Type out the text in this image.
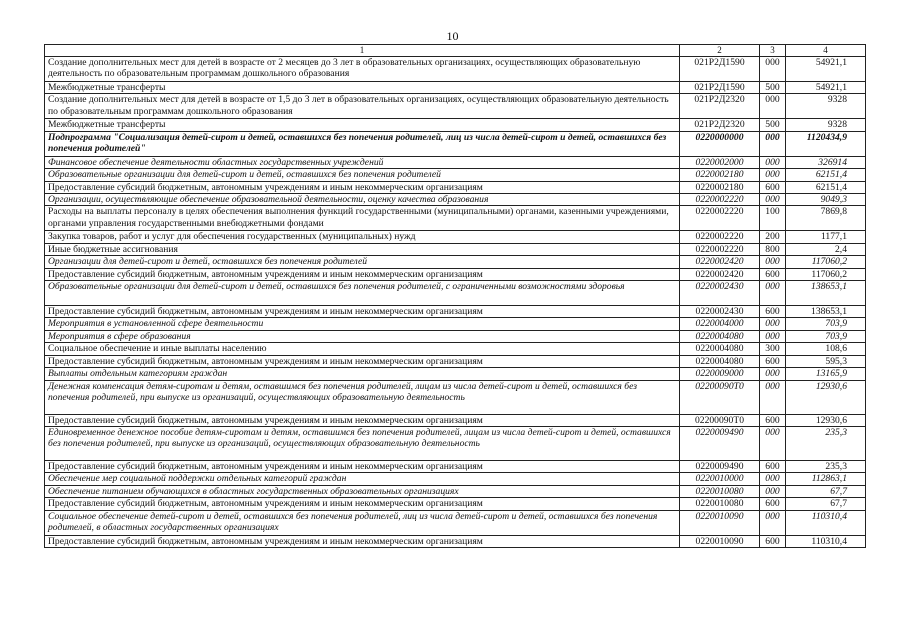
10
1	2	3	4
Создание дополнительных мест для детей в возрасте от 2 месяцев до 3 лет в образовательных организациях, осуществляющих образовательную деятельность по образовательным программам дошкольного образования	021Р2Д1590	000	54921,1
Межбюджетные трансферты	021Р2Д1590	500	54921,1
Создание дополнительных мест для детей в возрасте от 1,5 до 3 лет в образовательных организациях, осуществляющих образовательную деятельность по образовательным программам дошкольного образования	021Р2Д2320	000	9328
Межбюджетные трансферты	021Р2Д2320	500	9328
Подпрограмма "Социализация детей-сирот и детей, оставшихся без попечения родителей, лиц из числа детей-сирот и детей, оставшихся без попечения родителей"	0220000000	000	1120434,9
Финансовое обеспечение деятельности областных государственных учреждений	0220002000	000	326914
Образовательные организации для детей-сирот и детей, оставшихся без попечения родителей	0220002180	000	62151,4
Предоставление субсидий бюджетным, автономным учреждениям и иным некоммерческим организациям	0220002180	600	62151,4
Организации, осуществляющие обеспечение образовательной деятельности, оценку качества образования	0220002220	000	9049,3
Расходы на выплаты персоналу в целях обеспечения выполнения функций государственными (муниципальными) органами, казенными учреждениями, органами управления государственными внебюджетными фондами	0220002220	100	7869,8
Закупка товаров, работ и услуг для обеспечения государственных (муниципальных) нужд	0220002220	200	1177,1
Иные бюджетные ассигнования	0220002220	800	2,4
Организации для детей-сирот и детей, оставшихся без попечения родителей	0220002420	000	117060,2
Предоставление субсидий бюджетным, автономным учреждениям и иным некоммерческим организациям	0220002420	600	117060,2
Образовательные организации для детей-сирот и детей, оставшихся без попечения родителей, с ограниченными возможностями здоровья	0220002430	000	138653,1
Предоставление субсидий бюджетным, автономным учреждениям и иным некоммерческим организациям	0220002430	600	138653,1
Мероприятия в установленной сфере деятельности	0220004000	000	703,9
Мероприятия в сфере образования	0220004080	000	703,9
Социальное обеспечение и иные выплаты населению	0220004080	300	108,6
Предоставление субсидий бюджетным, автономным учреждениям и иным некоммерческим организациям	0220004080	600	595,3
Выплаты отдельным категориям граждан	0220009000	000	13165,9
Денежная компенсация детям-сиротам и детям, оставшимся без попечения родителей, лицам из числа детей-сирот и детей, оставшихся без попечения родителей, при выпуске из организаций, осуществляющих образовательную деятельность	02200090Т0	000	12930,6
Предоставление субсидий бюджетным, автономным учреждениям и иным некоммерческим организациям	02200090Т0	600	12930,6
Единовременное денежное пособие детям-сиротам и детям, оставшимся без попечения родителей, лицам из числа детей-сирот и детей, оставшихся без попечения родителей, при выпуске из организаций, осуществляющих образовательную деятельность	0220009490	000	235,3
Предоставление субсидий бюджетным, автономным учреждениям и иным некоммерческим организациям	0220009490	600	235,3
Обеспечение мер социальной поддержки отдельных категорий граждан	0220010000	000	112863,1
Обеспечение питанием обучающихся в областных государственных образовательных организациях	0220010080	000	67,7
Предоставление субсидий бюджетным, автономным учреждениям и иным некоммерческим организациям	0220010080	600	67,7
Социальное обеспечение детей-сирот и детей, оставшихся без попечения родителей, лиц из числа детей-сирот и детей, оставшихся без попечения родителей, в областных государственных организациях	0220010090	000	110310,4
Предоставление субсидий бюджетным, автономным учреждениям и иным некоммерческим организациям	0220010090	600	110310,4
